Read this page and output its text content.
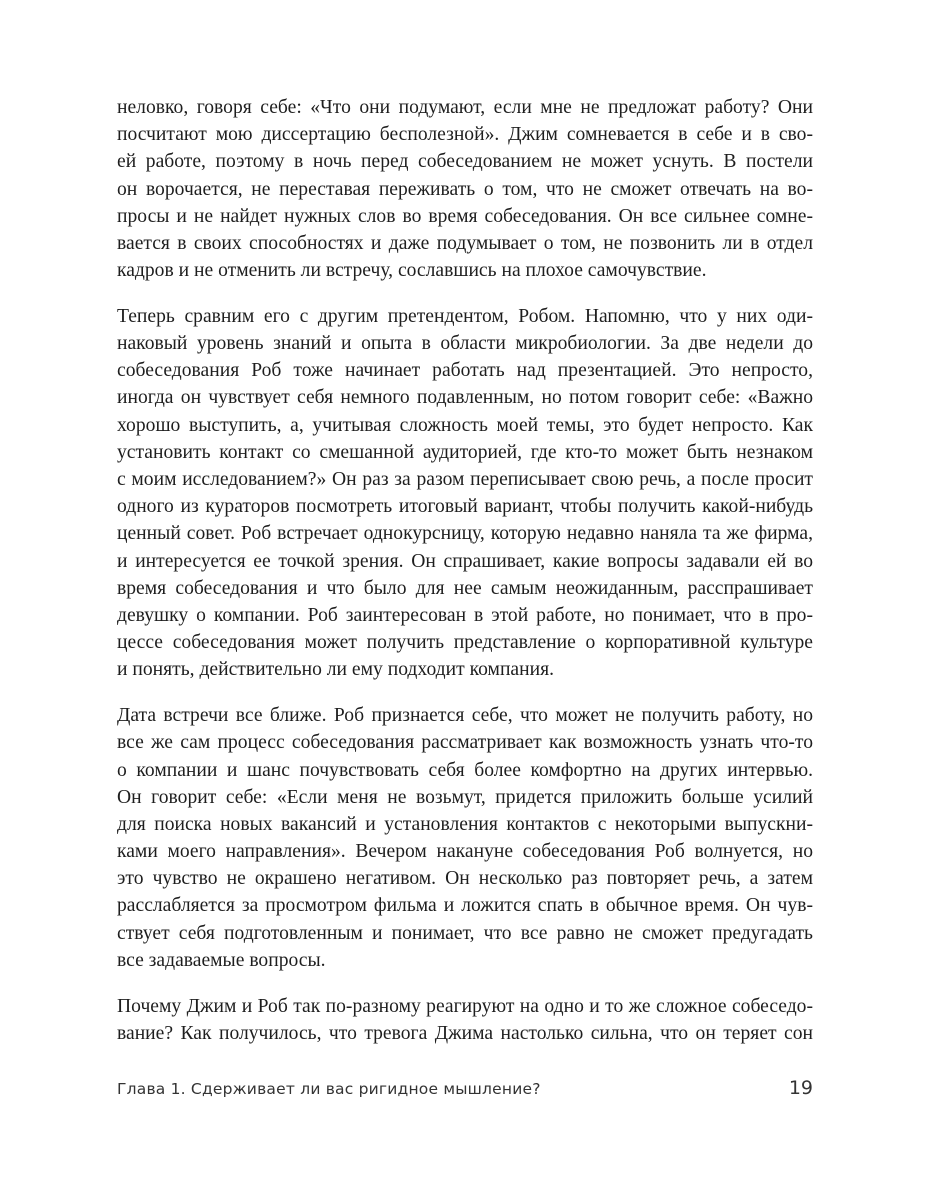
неловко, говоря себе: «Что они подумают, если мне не предложат работу? Они
посчитают мою диссертацию бесполезной». Джим сомневается в себе и в сво-
ей работе, поэтому в ночь перед собеседованием не может уснуть. В постели
он ворочается, не переставая переживать о том, что не сможет отвечать на во-
просы и не найдет нужных слов во время собеседования. Он все сильнее сомне-
вается в своих способностях и даже подумывает о том, не позвонить ли в отдел
кадров и не отменить ли встречу, сославшись на плохое самочувствие.
Теперь сравним его с другим претендентом, Робом. Напомню, что у них оди-
наковый уровень знаний и опыта в области микробиологии. За две недели до
собеседования Роб тоже начинает работать над презентацией. Это непросто,
иногда он чувствует себя немного подавленным, но потом говорит себе: «Важно
хорошо выступить, а, учитывая сложность моей темы, это будет непросто. Как
установить контакт со смешанной аудиторией, где кто-то может быть незнаком
с моим исследованием?» Он раз за разом переписывает свою речь, а после просит
одного из кураторов посмотреть итоговый вариант, чтобы получить какой-нибудь
ценный совет. Роб встречает однокурсницу, которую недавно наняла та же фирма,
и интересуется ее точкой зрения. Он спрашивает, какие вопросы задавали ей во
время собеседования и что было для нее самым неожиданным, расспрашивает
девушку о компании. Роб заинтересован в этой работе, но понимает, что в про-
цессе собеседования может получить представление о корпоративной культуре
и понять, действительно ли ему подходит компания.
Дата встречи все ближе. Роб признается себе, что может не получить работу, но
все же сам процесс собеседования рассматривает как возможность узнать что-то
о компании и шанс почувствовать себя более комфортно на других интервью.
Он говорит себе: «Если меня не возьмут, придется приложить больше усилий
для поиска новых вакансий и установления контактов с некоторыми выпускни-
ками моего направления». Вечером накануне собеседования Роб волнуется, но
это чувство не окрашено негативом. Он несколько раз повторяет речь, а затем
расслабляется за просмотром фильма и ложится спать в обычное время. Он чув-
ствует себя подготовленным и понимает, что все равно не сможет предугадать
все задаваемые вопросы.
Почему Джим и Роб так по-разному реагируют на одно и то же сложное собеседо-
вание? Как получилось, что тревога Джима настолько сильна, что он теряет сон
Глава 1. Сдерживает ли вас ригидное мышление?	19
